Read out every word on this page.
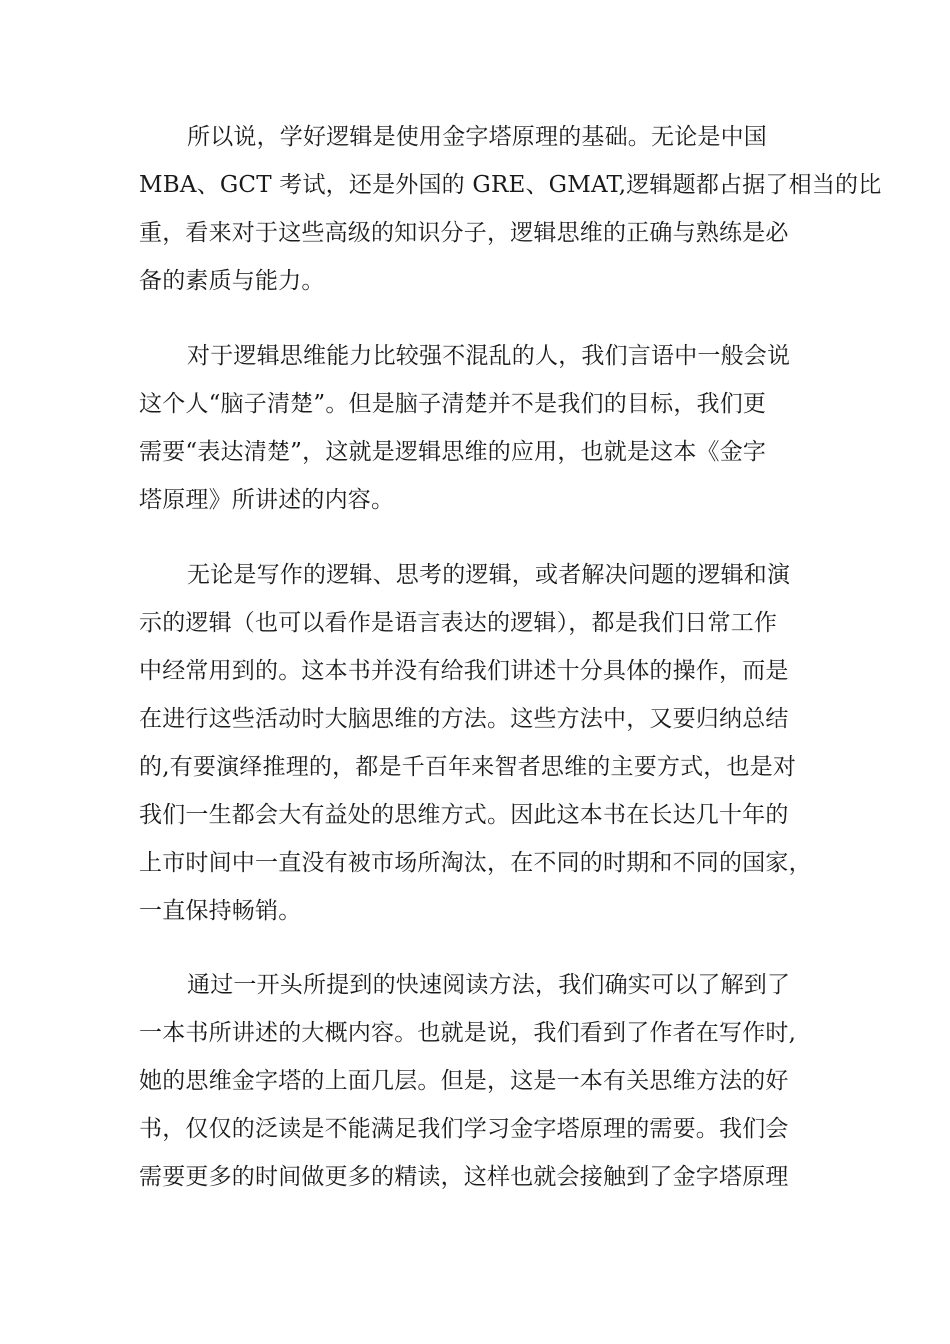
所以说，学好逻辑是使用金字塔原理的基础。无论是中国
MBA、GCT 考试，还是外国的 GRE、GMAT,逻辑题都占据了相当的比
重，看来对于这些高级的知识分子，逻辑思维的正确与熟练是必
备的素质与能力。
对于逻辑思维能力比较强不混乱的人，我们言语中一般会说
这个人“脑子清楚”。但是脑子清楚并不是我们的目标，我们更
需要“表达清楚”，这就是逻辑思维的应用，也就是这本《金字
塔原理》所讲述的内容。
无论是写作的逻辑、思考的逻辑，或者解决问题的逻辑和演
示的逻辑（也可以看作是语言表达的逻辑），都是我们日常工作
中经常用到的。这本书并没有给我们讲述十分具体的操作，而是
在进行这些活动时大脑思维的方法。这些方法中，又要归纳总结
的,有要演绎推理的，都是千百年来智者思维的主要方式，也是对
我们一生都会大有益处的思维方式。因此这本书在长达几十年的
上市时间中一直没有被市场所淘汰，在不同的时期和不同的国家，
一直保持畅销。
通过一开头所提到的快速阅读方法，我们确实可以了解到了
一本书所讲述的大概内容。也就是说，我们看到了作者在写作时,
她的思维金字塔的上面几层。但是，这是一本有关思维方法的好
书，仅仅的泛读是不能满足我们学习金字塔原理的需要。我们会
需要更多的时间做更多的精读，这样也就会接触到了金字塔原理
